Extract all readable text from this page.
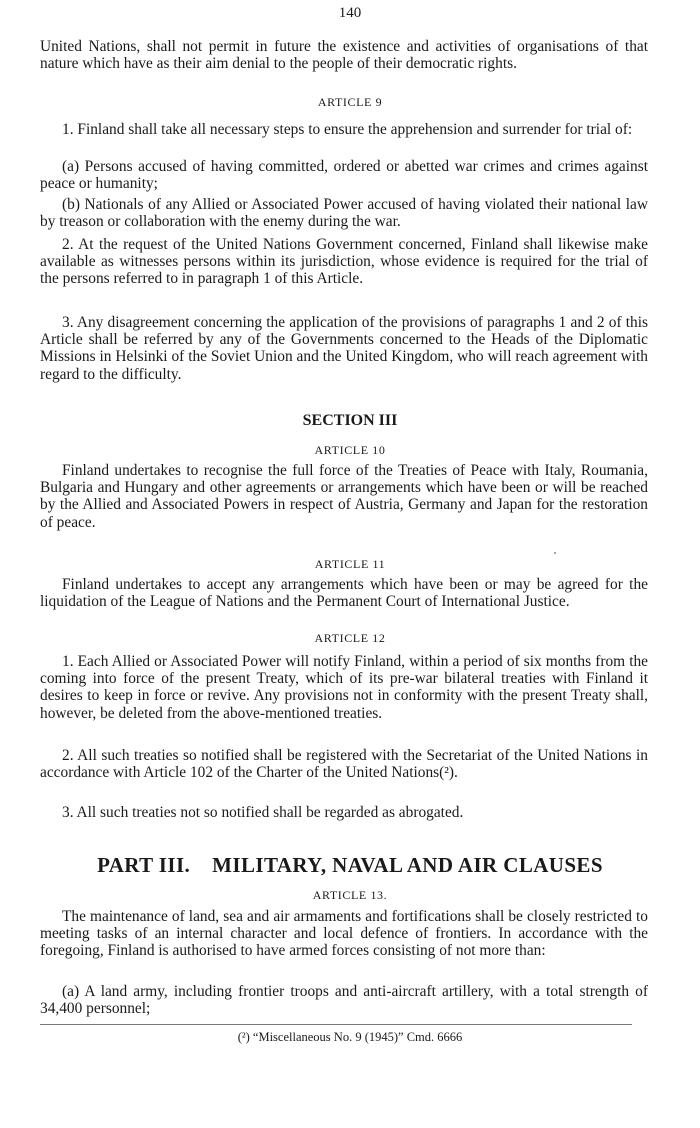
140

United Nations, shall not permit in future the existence and activities of organisations of that nature which have as their aim denial to the people of their democratic rights.

ARTICLE 9

1. Finland shall take all necessary steps to ensure the apprehension and surrender for trial of:

(a) Persons accused of having committed, ordered or abetted war crimes and crimes against peace or humanity;

(b) Nationals of any Allied or Associated Power accused of having violated their national law by treason or collaboration with the enemy during the war.

2. At the request of the United Nations Government concerned, Finland shall likewise make available as witnesses persons within its jurisdiction, whose evidence is required for the trial of the persons referred to in paragraph 1 of this Article.

3. Any disagreement concerning the application of the provisions of paragraphs 1 and 2 of this Article shall be referred by any of the Governments concerned to the Heads of the Diplomatic Missions in Helsinki of the Soviet Union and the United Kingdom, who will reach agreement with regard to the difficulty.

SECTION III
ARTICLE 10

Finland undertakes to recognise the full force of the Treaties of Peace with Italy, Roumania, Bulgaria and Hungary and other agreements or arrangements which have been or will be reached by the Allied and Associated Powers in respect of Austria, Germany and Japan for the restoration of peace.

ARTICLE 11

Finland undertakes to accept any arrangements which have been or may be agreed for the liquidation of the League of Nations and the Permanent Court of International Justice.

ARTICLE 12

1. Each Allied or Associated Power will notify Finland, within a period of six months from the coming into force of the present Treaty, which of its pre-war bilateral treaties with Finland it desires to keep in force or revive. Any provisions not in conformity with the present Treaty shall, however, be deleted from the above-mentioned treaties.

2. All such treaties so notified shall be registered with the Secretariat of the United Nations in accordance with Article 102 of the Charter of the United Nations(²).

3. All such treaties not so notified shall be regarded as abrogated.

PART III. MILITARY, NAVAL AND AIR CLAUSES
ARTICLE 13.

The maintenance of land, sea and air armaments and fortifications shall be closely restricted to meeting tasks of an internal character and local defence of frontiers. In accordance with the foregoing, Finland is authorised to have armed forces consisting of not more than:

(a) A land army, including frontier troops and anti-aircraft artillery, with a total strength of 34,400 personnel;

(²) “Miscellaneous No. 9 (1945)” Cmd. 6666
